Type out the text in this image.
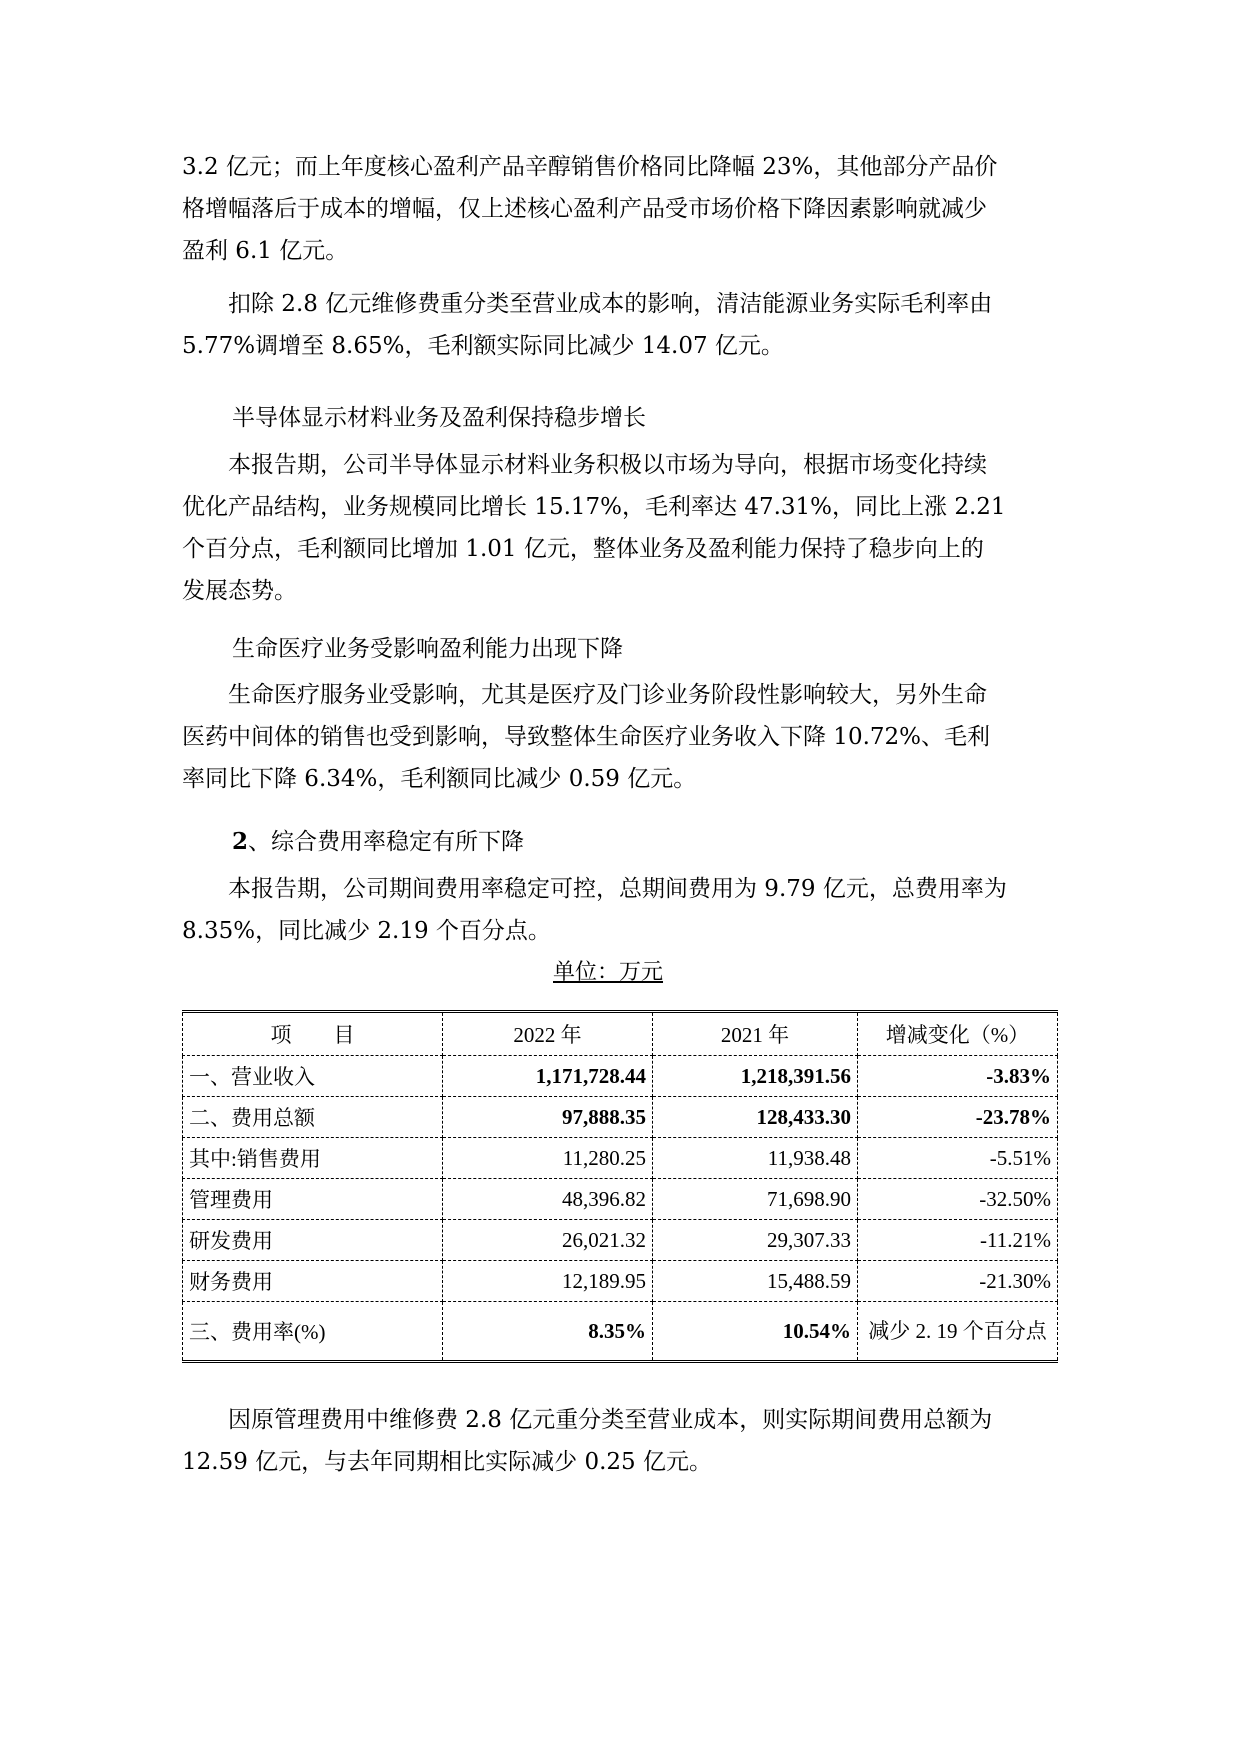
3.2 亿元；而上年度核心盈利产品辛醇销售价格同比降幅 23%，其他部分产品价
格增幅落后于成本的增幅，仅上述核心盈利产品受市场价格下降因素影响就减少
盈利 6.1 亿元。
扣除 2.8 亿元维修费重分类至营业成本的影响，清洁能源业务实际毛利率由
5.77%调增至 8.65%，毛利额实际同比减少 14.07 亿元。
半导体显示材料业务及盈利保持稳步增长
本报告期，公司半导体显示材料业务积极以市场为导向，根据市场变化持续
优化产品结构，业务规模同比增长 15.17%，毛利率达 47.31%，同比上涨 2.21
个百分点，毛利额同比增加 1.01 亿元，整体业务及盈利能力保持了稳步向上的
发展态势。
生命医疗业务受影响盈利能力出现下降
生命医疗服务业受影响，尤其是医疗及门诊业务阶段性影响较大，另外生命
医药中间体的销售也受到影响，导致整体生命医疗业务收入下降 10.72%、毛利
率同比下降 6.34%，毛利额同比减少 0.59 亿元。
2、综合费用率稳定有所下降
本报告期，公司期间费用率稳定可控，总期间费用为 9.79 亿元，总费用率为
8.35%，同比减少 2.19 个百分点。
单位：万元
项　　目	2022 年	2021 年	增减变化（%）
一、营业收入	1,171,728.44	1,218,391.56	-3.83%
二、费用总额	97,888.35	128,433.30	-23.78%
其中:销售费用	11,280.25	11,938.48	-5.51%
管理费用	48,396.82	71,698.90	-32.50%
研发费用	26,021.32	29,307.33	-11.21%
财务费用	12,189.95	15,488.59	-21.30%
三、费用率(%)	8.35%	10.54%	减少 2. 19 个百分点
因原管理费用中维修费 2.8 亿元重分类至营业成本，则实际期间费用总额为
12.59 亿元，与去年同期相比实际减少 0.25 亿元。
